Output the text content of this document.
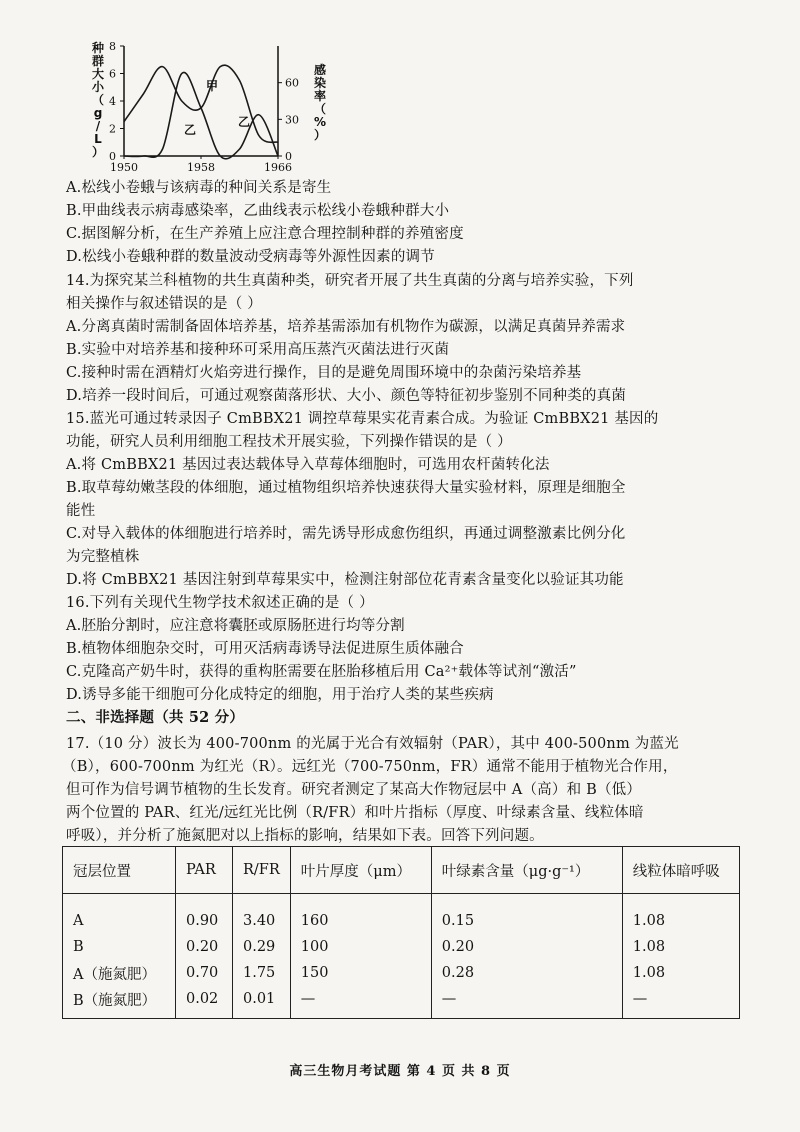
0
2
4
6
8
0
30
60
1950	1958	1966
甲
乙
乙
种
群
大
小
（
g
/
L
）
感
染
率
（
%
）
A.松线小卷蛾与该病毒的种间关系是寄生
B.甲曲线表示病毒感染率，乙曲线表示松线小卷蛾种群大小
C.据图解分析，在生产养殖上应注意合理控制种群的养殖密度
D.松线小卷蛾种群的数量波动受病毒等外源性因素的调节
14.为探究某兰科植物的共生真菌种类，研究者开展了共生真菌的分离与培养实验，下列
相关操作与叙述错误的是（ ）
A.分离真菌时需制备固体培养基，培养基需添加有机物作为碳源，以满足真菌异养需求
B.实验中对培养基和接种环可采用高压蒸汽灭菌法进行灭菌
C.接种时需在酒精灯火焰旁进行操作，目的是避免周围环境中的杂菌污染培养基
D.培养一段时间后，可通过观察菌落形状、大小、颜色等特征初步鉴别不同种类的真菌
15.蓝光可通过转录因子 CmBBX21 调控草莓果实花青素合成。为验证 CmBBX21 基因的
功能，研究人员利用细胞工程技术开展实验，下列操作错误的是（ ）
A.将 CmBBX21 基因过表达载体导入草莓体细胞时，可选用农杆菌转化法
B.取草莓幼嫩茎段的体细胞，通过植物组织培养快速获得大量实验材料，原理是细胞全
能性
C.对导入载体的体细胞进行培养时，需先诱导形成愈伤组织，再通过调整激素比例分化
为完整植株
D.将 CmBBX21 基因注射到草莓果实中，检测注射部位花青素含量变化以验证其功能
16.下列有关现代生物学技术叙述正确的是（ ）
A.胚胎分割时，应注意将囊胚或原肠胚进行均等分割
B.植物体细胞杂交时，可用灭活病毒诱导法促进原生质体融合
C.克隆高产奶牛时，获得的重构胚需要在胚胎移植后用 Ca²⁺载体等试剂“激活”
D.诱导多能干细胞可分化成特定的细胞，用于治疗人类的某些疾病
二、非选择题（共 52 分）
17.（10 分）波长为 400-700nm 的光属于光合有效辐射（PAR），其中 400-500nm 为蓝光
（B），600-700nm 为红光（R）。远红光（700-750nm，FR）通常不能用于植物光合作用，
但可作为信号调节植物的生长发育。研究者测定了某高大作物冠层中 A（高）和 B（低）
两个位置的 PAR、红光/远红光比例（R/FR）和叶片指标（厚度、叶绿素含量、线粒体暗
呼吸），并分析了施氮肥对以上指标的影响，结果如下表。回答下列问题。
冠层位置	PAR	R/FR	叶片厚度（μm）	叶绿素含量（μg·g⁻¹）	线粒体暗呼吸
A	0.90	3.40	160	0.15	1.08
B	0.20	0.29	100	0.20	1.08
A（施氮肥）	0.70	1.75	150	0.28	1.08
B（施氮肥）	0.02	0.01	—	—	—
高三生物月考试题 第 4 页 共 8 页
